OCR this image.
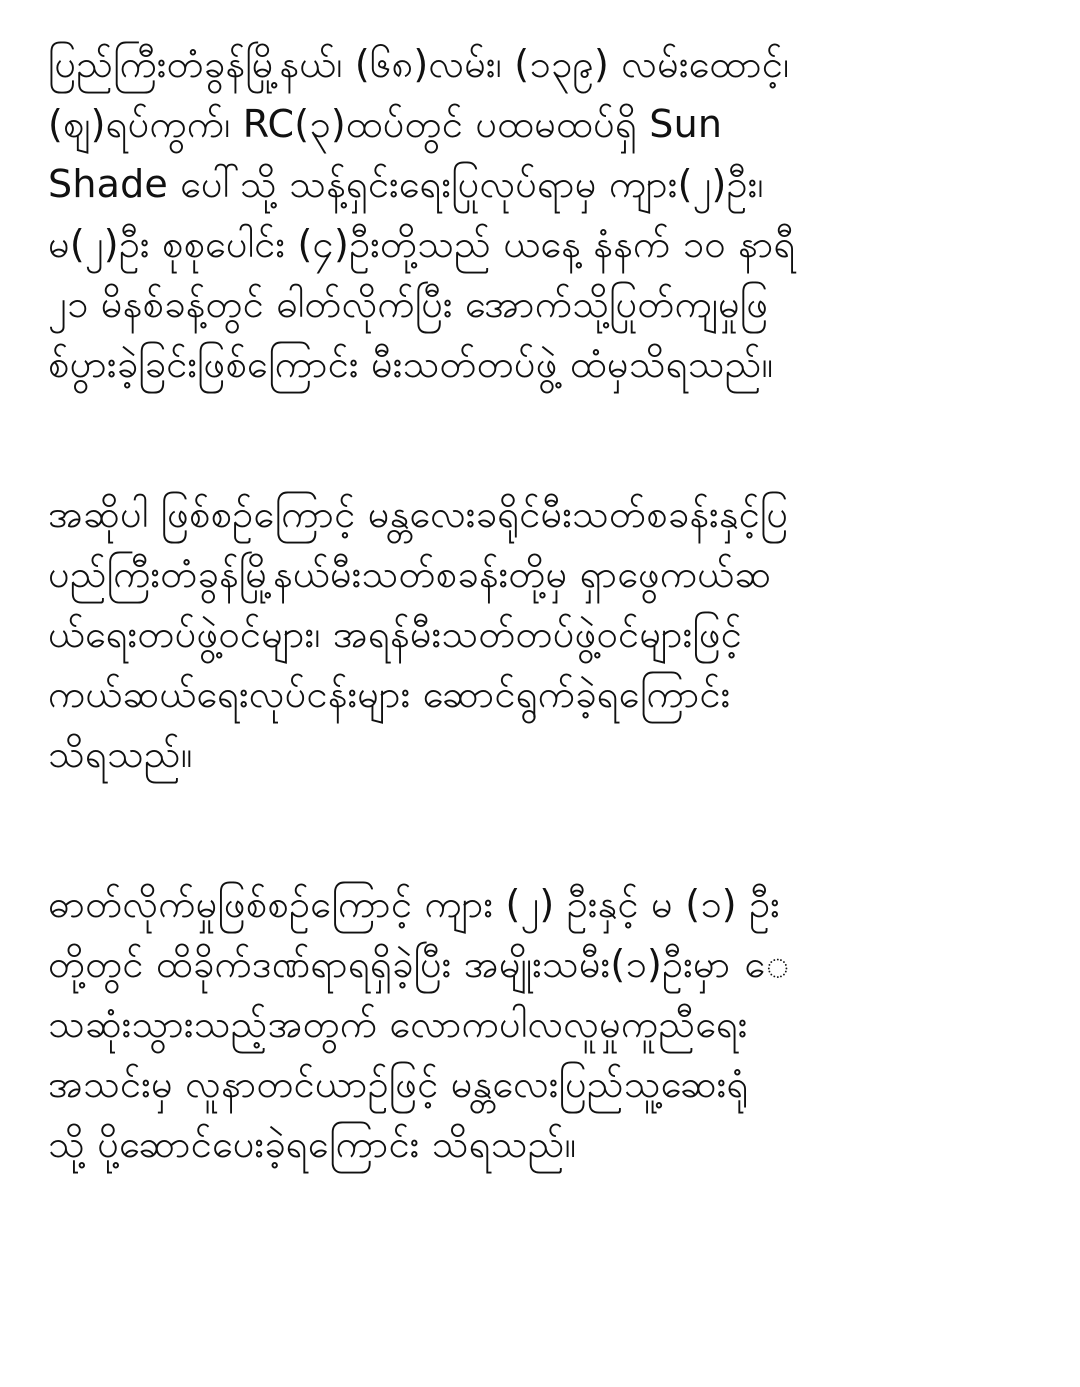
ပြည်ကြီးတံခွန်မြို့နယ်၊ (၆၈)လမ်း၊ (၁၃၉) လမ်းထောင့်၊
(စျ)ရပ်ကွက်၊ RC(၃)ထပ်တွင် ပထမထပ်ရှိ Sun
Shade ပေါ်သို့ သန့်ရှင်းရေးပြုလုပ်ရာမှ ကျား(၂)ဦး၊
မ(၂)ဦး စုစုပေါင်း (၄)ဦးတို့သည် ယနေ့ နံနက် ၁၀ နာရီ
၂၁ မိနစ်ခန့်တွင် ဓါတ်လိုက်ပြီး အောက်သို့ပြုတ်ကျမှုဖြ
စ်ပွားခဲ့ခြင်းဖြစ်ကြောင်း မီးသတ်တပ်ဖွဲ့ ထံမှသိရသည်။

အဆိုပါ ဖြစ်စဉ်ကြောင့် မန္တလေးခရိုင်မီးသတ်စခန်းနှင့်ပြ
ပည်ကြီးတံခွန်မြို့နယ်မီးသတ်စခန်းတို့မှ ရှာဖွေကယ်ဆ
ယ်ရေးတပ်ဖွဲ့ဝင်များ၊ အရန်မီးသတ်တပ်ဖွဲ့ဝင်များဖြင့်
ကယ်ဆယ်ရေးလုပ်ငန်းများ ဆောင်ရွက်ခဲ့ရကြောင်း
သိရသည်။

ဓာတ်လိုက်မှုဖြစ်စဉ်ကြောင့် ကျား (၂) ဦးနှင့် မ (၁) ဦး
တို့တွင် ထိခိုက်ဒဏ်ရာရရှိခဲ့ပြီး အမျိုးသမီး(၁)ဦးမှာ ေ
သဆုံးသွားသည့်အတွက် လောကပါလလူမှုကူညီရေး
အသင်းမှ လူနာတင်ယာဉ်ဖြင့် မန္တလေးပြည်သူ့ဆေးရုံ
သို့ ပို့ဆောင်ပေးခဲ့ရကြောင်း သိရသည်။
